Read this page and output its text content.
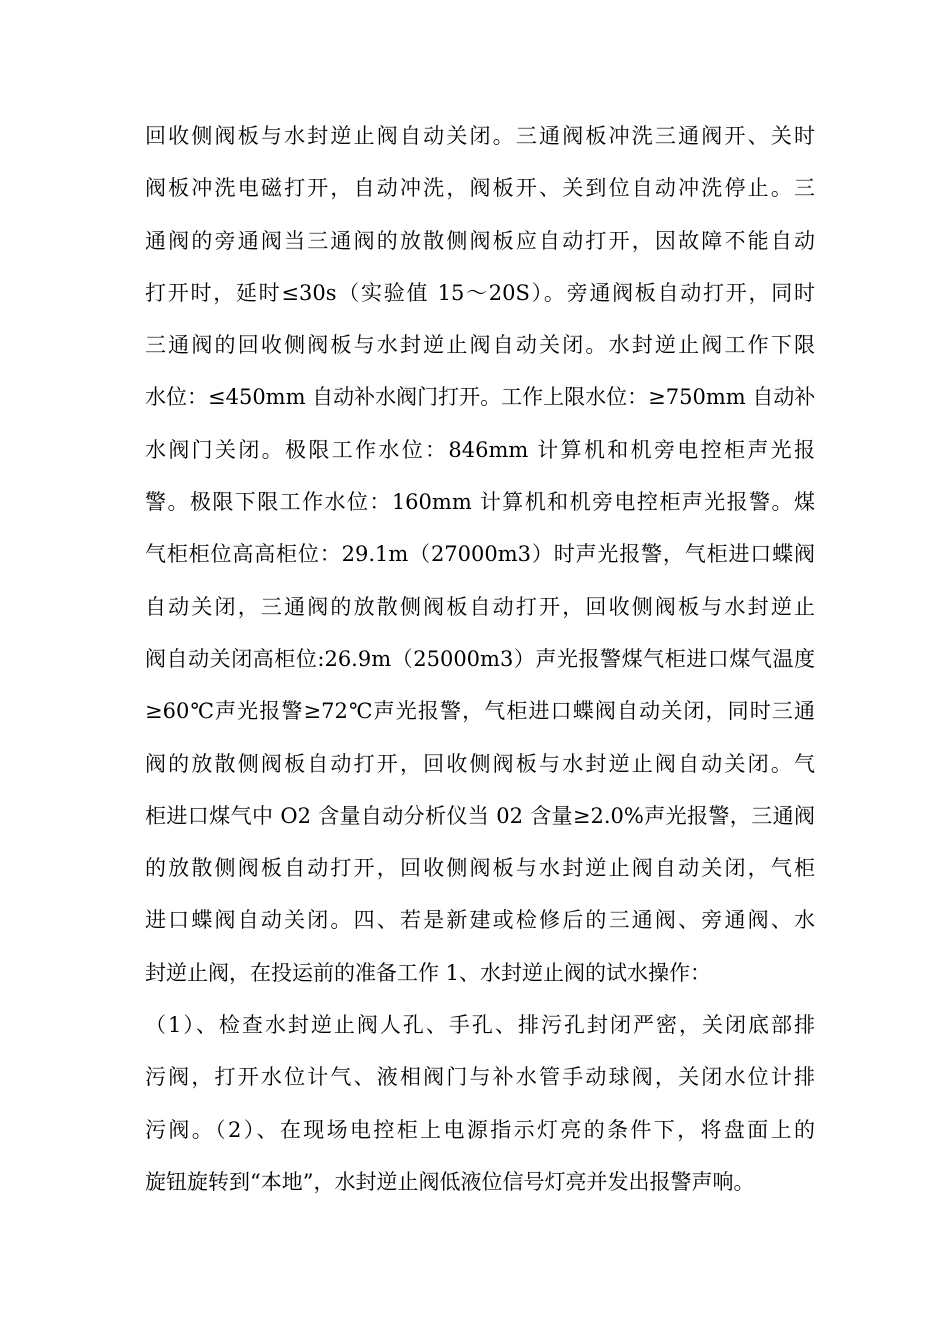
回收侧阀板与水封逆止阀自动关闭。三通阀板冲洗三通阀开、关时
阀板冲洗电磁打开，自动冲洗，阀板开、关到位自动冲洗停止。三
通阀的旁通阀当三通阀的放散侧阀板应自动打开，因故障不能自动
打开时，延时≤30s（实验值 15～20S）。旁通阀板自动打开，同时
三通阀的回收侧阀板与水封逆止阀自动关闭。水封逆止阀工作下限
水位：≤450mm 自动补水阀门打开。工作上限水位：≥750mm 自动补
水阀门关闭。极限工作水位：846mm 计算机和机旁电控柜声光报
警。极限下限工作水位：160mm 计算机和机旁电控柜声光报警。煤
气柜柜位高高柜位：29.1m（27000m3）时声光报警，气柜进口蝶阀
自动关闭，三通阀的放散侧阀板自动打开，回收侧阀板与水封逆止
阀自动关闭高柜位:26.9m（25000m3）声光报警煤气柜进口煤气温度
≥60℃声光报警≥72℃声光报警，气柜进口蝶阀自动关闭，同时三通
阀的放散侧阀板自动打开，回收侧阀板与水封逆止阀自动关闭。气
柜进口煤气中 O2 含量自动分析仪当 02 含量≥2.0%声光报警，三通阀
的放散侧阀板自动打开，回收侧阀板与水封逆止阀自动关闭，气柜
进口蝶阀自动关闭。四、若是新建或检修后的三通阀、旁通阀、水
封逆止阀，在投运前的准备工作 1、水封逆止阀的试水操作：
（1）、检查水封逆止阀人孔、手孔、排污孔封闭严密，关闭底部排
污阀，打开水位计气、液相阀门与补水管手动球阀，关闭水位计排
污阀。（2）、在现场电控柜上电源指示灯亮的条件下，将盘面上的
旋钮旋转到“本地”，水封逆止阀低液位信号灯亮并发出报警声响。
